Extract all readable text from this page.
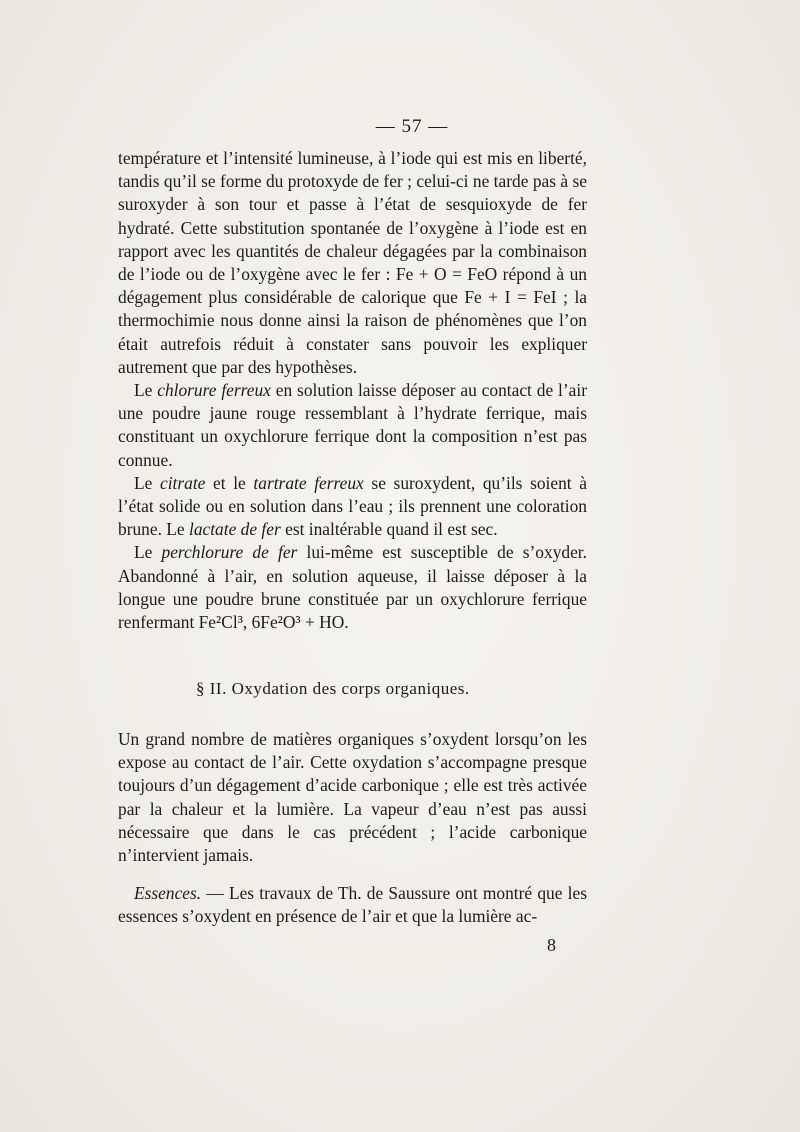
— 57 —

température et l’intensité lumineuse, à l’iode qui est mis en liberté, tandis qu’il se forme du protoxyde de fer ; celui-ci ne tarde pas à se suroxyder à son tour et passe à l’état de sesquioxyde de fer hydraté. Cette substitution spontanée de l’oxygène à l’iode est en rapport avec les quantités de chaleur dégagées par la combinaison de l’iode ou de l’oxygène avec le fer : Fe + O = FeO répond à un dégagement plus considérable de calorique que Fe + I = FeI ; la thermochimie nous donne ainsi la raison de phénomènes que l’on était autrefois réduit à constater sans pouvoir les expliquer autrement que par des hypothèses.

Le chlorure ferreux en solution laisse déposer au contact de l’air une poudre jaune rouge ressemblant à l’hydrate ferrique, mais constituant un oxychlorure ferrique dont la composition n’est pas connue.

Le citrate et le tartrate ferreux se suroxydent, qu’ils soient à l’état solide ou en solution dans l’eau ; ils prennent une coloration brune. Le lactate de fer est inaltérable quand il est sec.

Le perchlorure de fer lui-même est susceptible de s’oxyder. Abandonné à l’air, en solution aqueuse, il laisse déposer à la longue une poudre brune constituée par un oxychlorure ferrique renfermant Fe²Cl³, 6Fe²O³ + HO.

§ II. Oxydation des corps organiques.

Un grand nombre de matières organiques s’oxydent lorsqu’on les expose au contact de l’air. Cette oxydation s’accompagne presque toujours d’un dégagement d’acide carbonique ; elle est très activée par la chaleur et la lumière. La vapeur d’eau n’est pas aussi nécessaire que dans le cas précédent ; l’acide carbonique n’intervient jamais.

Essences. — Les travaux de Th. de Saussure ont montré que les essences s’oxydent en présence de l’air et que la lumière ac-

8
